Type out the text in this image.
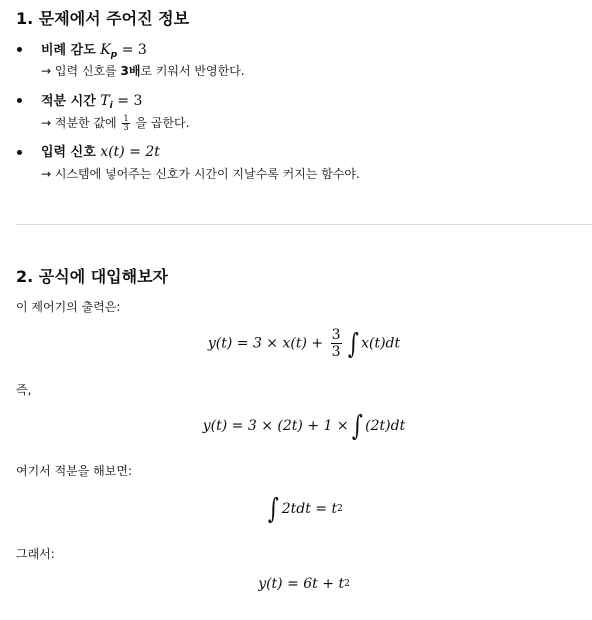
1. 문제에서 주어진 정보
비례 감도 $K_p = 3$
→ 입력 신호를 3배로 키워서 반영한다.
적분 시간 $T_i = 3$
→ 적분한 값에 $\frac{1}{3}$ 을 곱한다.
입력 신호 x(t) = 2t
→ 시스템에 넣어주는 신호가 시간이 지날수록 커지는 함수야.
2. 공식에 대입해보자
이 제어기의 출력은:
$y(t) = 3 \times x(t) + \frac{3}{3}$ ∫ x(t)dt
즉,
y(t) = 3 × (2t) + 1 × ∫ (2t)dt
여기서 적분을 해보면:
∫ 2tdt = t2
그래서:
y(t) = 6t + t2
